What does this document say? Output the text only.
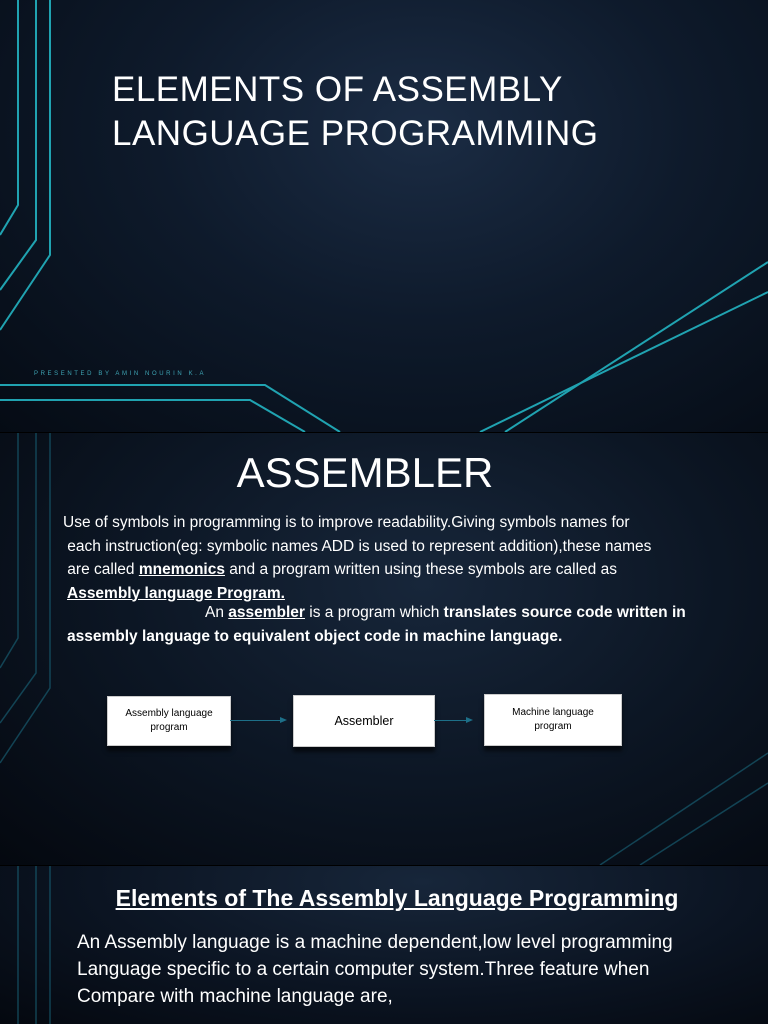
ELEMENTS OF ASSEMBLY
LANGUAGE PROGRAMMING
PRESENTED BY AMIN NOURIN K.A
ASSEMBLER
Use of symbols in programming is to improve readability.Giving symbols names for
each instruction(eg: symbolic names ADD is used to represent addition),these names
are called mnemonics and a program written using these symbols are called as
Assembly language Program.
An assembler is a program which translates source code written in
assembly language to equivalent object code in machine language.
Assembly language
program	Assembler
Machine language
program
Elements of The Assembly Language Programming
An Assembly language is a machine dependent,low level programming
Language specific to a certain computer system.Three feature when
Compare with machine language are,
